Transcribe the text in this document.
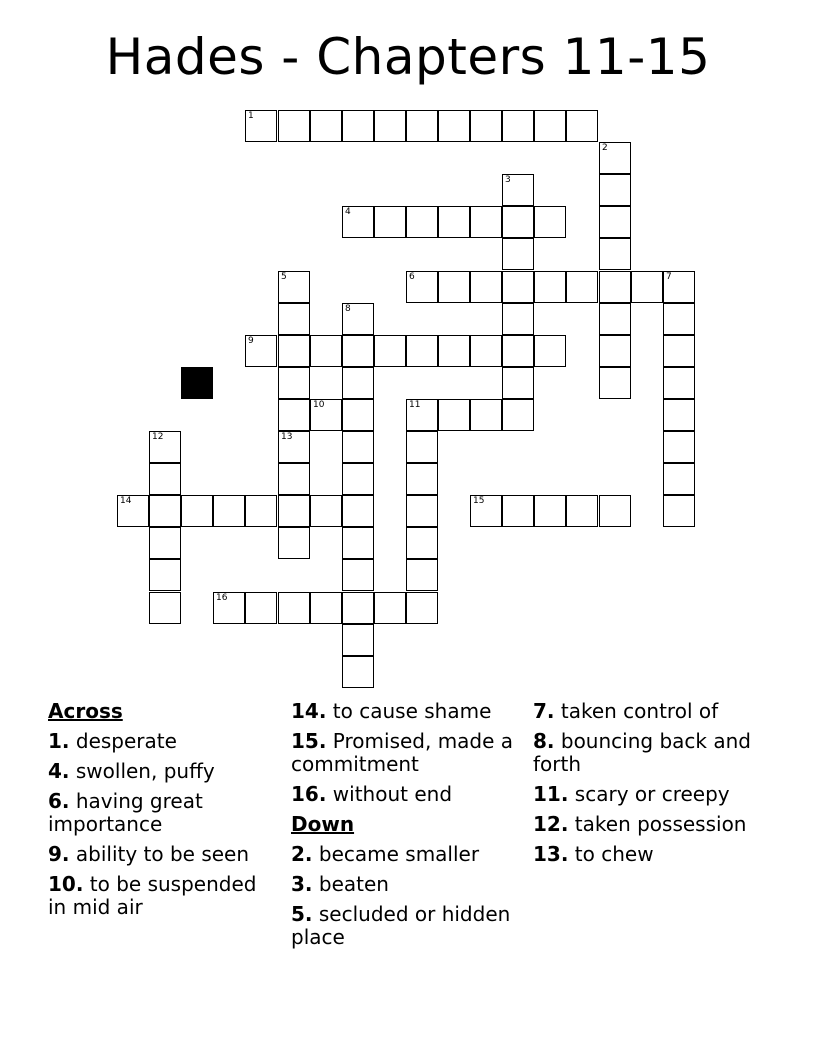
Hades - Chapters 11-15
1
2
3
4
5	6	7
8
9
10	11
12	13
14	15
16
Across
1. desperate
4. swollen, puffy
6. having great importance
9. ability to be seen
10. to be suspended in mid air
14. to cause shame
15. Promised, made a commitment
16. without end
Down
2. became smaller
3. beaten
5. secluded or hidden place
7. taken control of
8. bouncing back and forth
11. scary or creepy
12. taken possession
13. to chew
